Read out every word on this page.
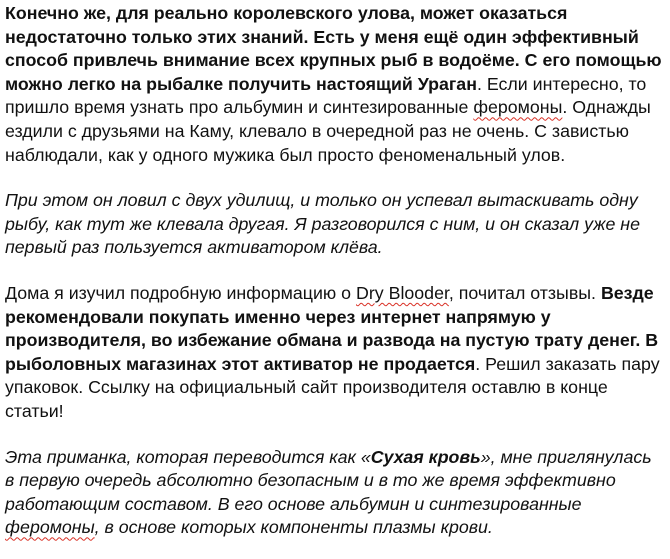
Конечно же, для реально королевского улова, может оказаться недостаточно только этих знаний. Есть у меня ещё один эффективный способ привлечь внимание всех крупных рыб в водоёме. С его помощью можно легко на рыбалке получить настоящий Ураган. Если интересно, то пришло время узнать про альбумин и синтезированные феромоны. Однажды ездили с друзьями на Каму, клевало в очередной раз не очень. С завистью наблюдали, как у одного мужика был просто феноменальный улов.

При этом он ловил с двух удилищ, и только он успевал вытаскивать одну рыбу, как тут же клевала другая. Я разговорился с ним, и он сказал уже не первый раз пользуется активатором клёва.

Дома я изучил подробную информацию о Dry Blooder, почитал отзывы. Везде рекомендовали покупать именно через интернет напрямую у производителя, во избежание обмана и развода на пустую трату денег. В рыболовных магазинах этот активатор не продается. Решил заказать пару упаковок. Ссылку на официальный сайт производителя оставлю в конце статьи!

Эта приманка, которая переводится как «Сухая кровь», мне приглянулась в первую очередь абсолютно безопасным и в то же время эффективно работающим составом. В его основе альбумин и синтезированные феромоны, в основе которых компоненты плазмы крови.
